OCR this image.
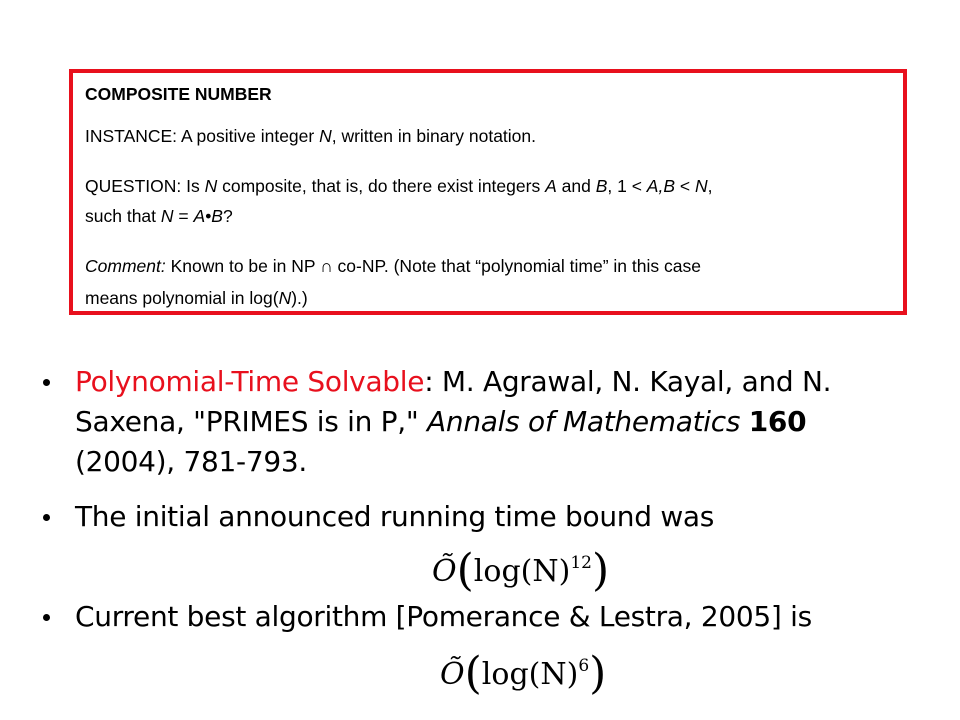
COMPOSITE NUMBER
INSTANCE: A positive integer N, written in binary notation.
QUESTION: Is N composite, that is, do there exist integers A and B, 1 < A,B < N,
such that N = A•B?
Comment: Known to be in NP ∩ co-NP. (Note that “polynomial time” in this case
means polynomial in log(N).)
Polynomial-Time Solvable: M. Agrawal, N. Kayal, and N.
Saxena, "PRIMES is in P," Annals of Mathematics 160
(2004), 781-793.
The initial announced running time bound was
$Õ(\log(N)^{12})$
Current best algorithm [Pomerance & Lestra, 2005] is
$Õ(\log(N)^6)$
